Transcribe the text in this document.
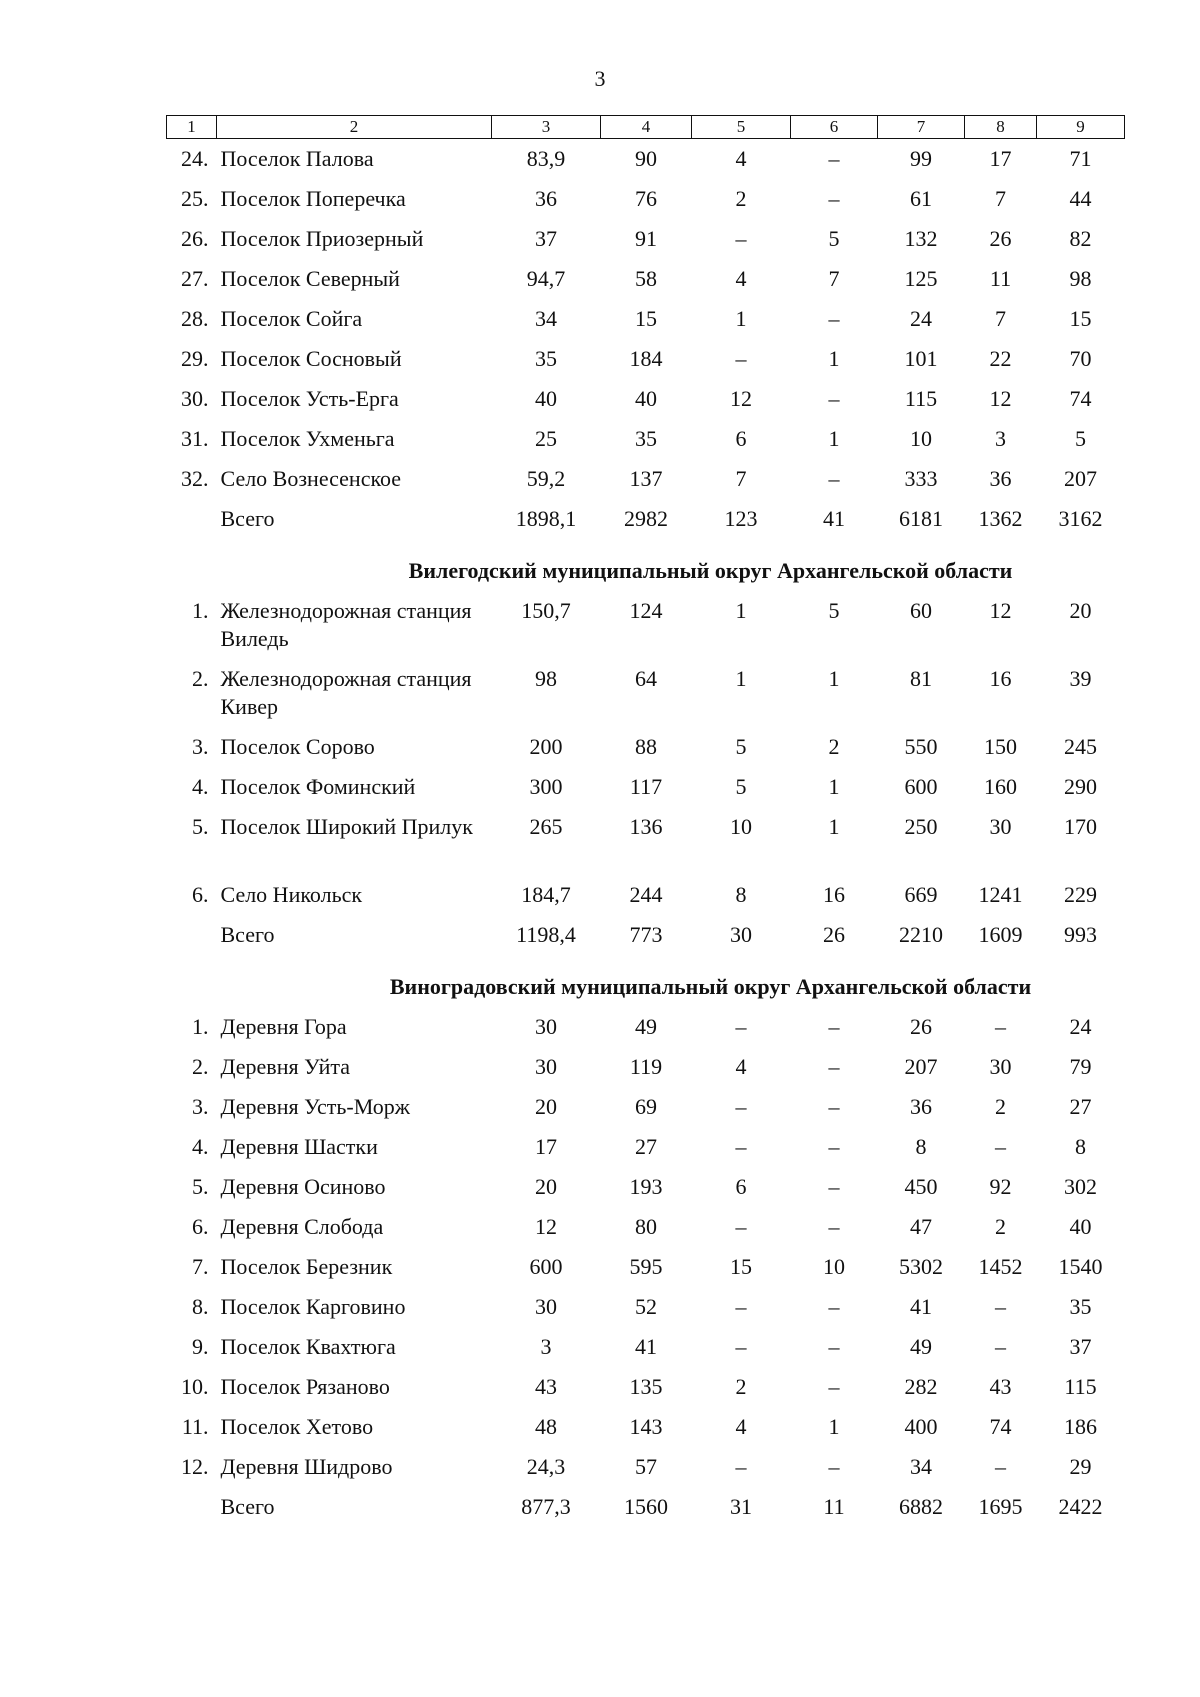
3
1	2	3	4	5	6	7	8	9

24.	Поселок Палова	83,9	90	4	–	99	17	71
25.	Поселок Поперечка	36	76	2	–	61	7	44
26.	Поселок Приозерный	37	91	–	5	132	26	82
27.	Поселок Северный	94,7	58	4	7	125	11	98
28.	Поселок Сойга	34	15	1	–	24	7	15
29.	Поселок Сосновый	35	184	–	1	101	22	70
30.	Поселок Усть-Ерга	40	40	12	–	115	12	74
31.	Поселок Ухменьга	25	35	6	1	10	3	5
32.	Село Вознесенское	59,2	137	7	–	333	36	207
	Всего	1898,1	2982	123	41	6181	1362	3162
Вилегодский муниципальный округ Архангельской области								
1.	Железнодорожная станция Виледь	150,7	124	1	5	60	12	20
2.	Железнодорожная станция Кивер	98	64	1	1	81	16	39
3.	Поселок Сорово	200	88	5	2	550	150	245
4.	Поселок Фоминский	300	117	5	1	600	160	290
5.	Поселок Широкий Прилук	265	136	10	1	250	30	170
6.	Село Никольск	184,7	244	8	16	669	1241	229
	Всего	1198,4	773	30	26	2210	1609	993
Виноградовский муниципальный округ Архангельской области								
1.	Деревня Гора	30	49	–	–	26	–	24
2.	Деревня Уйта	30	119	4	–	207	30	79
3.	Деревня Усть-Морж	20	69	–	–	36	2	27
4.	Деревня Шастки	17	27	–	–	8	–	8
5.	Деревня Осиново	20	193	6	–	450	92	302
6.	Деревня Слобода	12	80	–	–	47	2	40
7.	Поселок Березник	600	595	15	10	5302	1452	1540
8.	Поселок Карговино	30	52	–	–	41	–	35
9.	Поселок Квахтюга	3	41	–	–	49	–	37
10.	Поселок Рязаново	43	135	2	–	282	43	115
11.	Поселок Хетово	48	143	4	1	400	74	186
12.	Деревня Шидрово	24,3	57	–	–	34	–	29
	Всего	877,3	1560	31	11	6882	1695	2422
